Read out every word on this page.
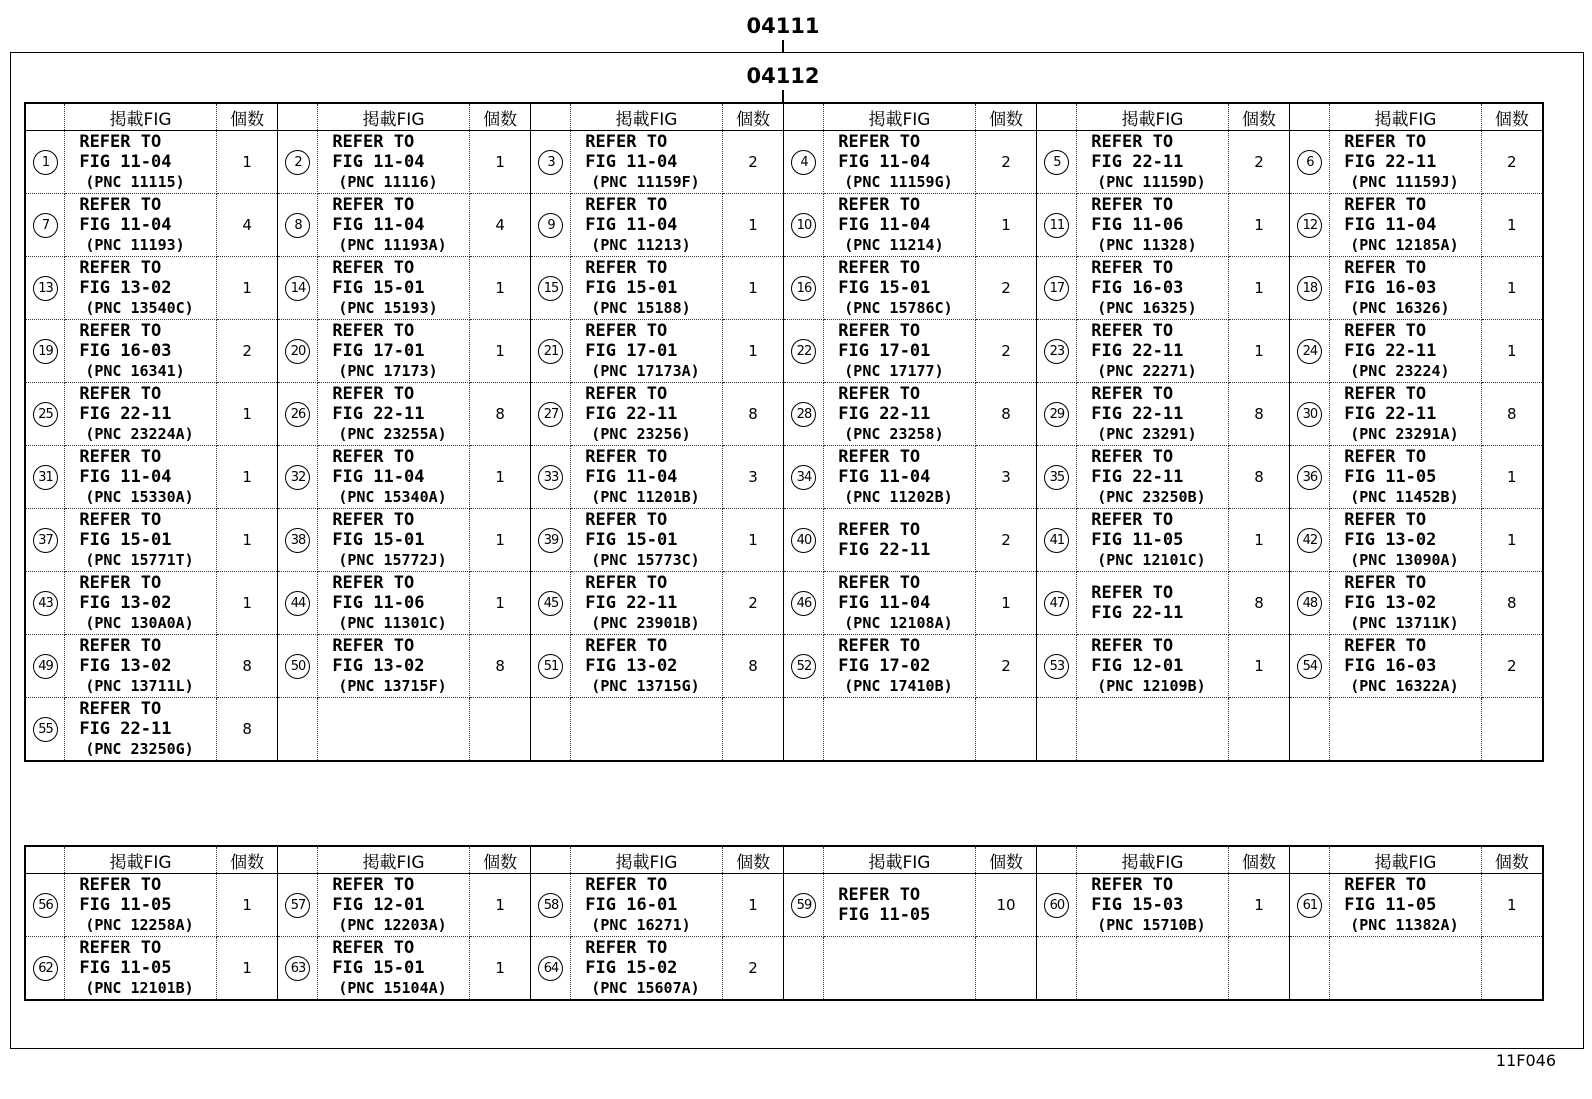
04111
04112
	掲載FIG	個数		掲載FIG	個数		掲載FIG	個数		掲載FIG	個数		掲載FIG	個数		掲載FIG	個数
1	REFER TO
FIG 11-04
(PNC 11115)	1	2	REFER TO
FIG 11-04
(PNC 11116)	1	3	REFER TO
FIG 11-04
(PNC 11159F)	2	4	REFER TO
FIG 11-04
(PNC 11159G)	2	5	REFER TO
FIG 22-11
(PNC 11159D)	2	6	REFER TO
FIG 22-11
(PNC 11159J)	2
7	REFER TO
FIG 11-04
(PNC 11193)	4	8	REFER TO
FIG 11-04
(PNC 11193A)	4	9	REFER TO
FIG 11-04
(PNC 11213)	1	10	REFER TO
FIG 11-04
(PNC 11214)	1	11	REFER TO
FIG 11-06
(PNC 11328)	1	12	REFER TO
FIG 11-04
(PNC 12185A)	1
13	REFER TO
FIG 13-02
(PNC 13540C)	1	14	REFER TO
FIG 15-01
(PNC 15193)	1	15	REFER TO
FIG 15-01
(PNC 15188)	1	16	REFER TO
FIG 15-01
(PNC 15786C)	2	17	REFER TO
FIG 16-03
(PNC 16325)	1	18	REFER TO
FIG 16-03
(PNC 16326)	1
19	REFER TO
FIG 16-03
(PNC 16341)	2	20	REFER TO
FIG 17-01
(PNC 17173)	1	21	REFER TO
FIG 17-01
(PNC 17173A)	1	22	REFER TO
FIG 17-01
(PNC 17177)	2	23	REFER TO
FIG 22-11
(PNC 22271)	1	24	REFER TO
FIG 22-11
(PNC 23224)	1
25	REFER TO
FIG 22-11
(PNC 23224A)	1	26	REFER TO
FIG 22-11
(PNC 23255A)	8	27	REFER TO
FIG 22-11
(PNC 23256)	8	28	REFER TO
FIG 22-11
(PNC 23258)	8	29	REFER TO
FIG 22-11
(PNC 23291)	8	30	REFER TO
FIG 22-11
(PNC 23291A)	8
31	REFER TO
FIG 11-04
(PNC 15330A)	1	32	REFER TO
FIG 11-04
(PNC 15340A)	1	33	REFER TO
FIG 11-04
(PNC 11201B)	3	34	REFER TO
FIG 11-04
(PNC 11202B)	3	35	REFER TO
FIG 22-11
(PNC 23250B)	8	36	REFER TO
FIG 11-05
(PNC 11452B)	1
37	REFER TO
FIG 15-01
(PNC 15771T)	1	38	REFER TO
FIG 15-01
(PNC 15772J)	1	39	REFER TO
FIG 15-01
(PNC 15773C)	1	40	REFER TO
FIG 22-11	2	41	REFER TO
FIG 11-05
(PNC 12101C)	1	42	REFER TO
FIG 13-02
(PNC 13090A)	1
43	REFER TO
FIG 13-02
(PNC 130A0A)	1	44	REFER TO
FIG 11-06
(PNC 11301C)	1	45	REFER TO
FIG 22-11
(PNC 23901B)	2	46	REFER TO
FIG 11-04
(PNC 12108A)	1	47	REFER TO
FIG 22-11	8	48	REFER TO
FIG 13-02
(PNC 13711K)	8
49	REFER TO
FIG 13-02
(PNC 13711L)	8	50	REFER TO
FIG 13-02
(PNC 13715F)	8	51	REFER TO
FIG 13-02
(PNC 13715G)	8	52	REFER TO
FIG 17-02
(PNC 17410B)	2	53	REFER TO
FIG 12-01
(PNC 12109B)	1	54	REFER TO
FIG 16-03
(PNC 16322A)	2
55	REFER TO
FIG 22-11
(PNC 23250G)	8															
	掲載FIG	個数		掲載FIG	個数		掲載FIG	個数		掲載FIG	個数		掲載FIG	個数		掲載FIG	個数
56	REFER TO
FIG 11-05
(PNC 12258A)	1	57	REFER TO
FIG 12-01
(PNC 12203A)	1	58	REFER TO
FIG 16-01
(PNC 16271)	1	59	REFER TO
FIG 11-05	10	60	REFER TO
FIG 15-03
(PNC 15710B)	1	61	REFER TO
FIG 11-05
(PNC 11382A)	1
62	REFER TO
FIG 11-05
(PNC 12101B)	1	63	REFER TO
FIG 15-01
(PNC 15104A)	1	64	REFER TO
FIG 15-02
(PNC 15607A)	2									
11F046
